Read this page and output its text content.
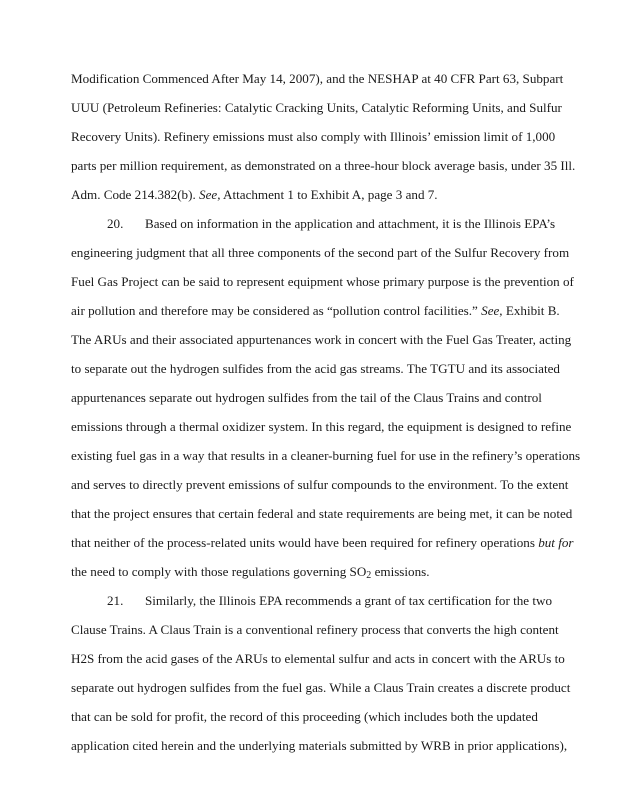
Modification Commenced After May 14, 2007), and the NESHAP at 40 CFR Part 63, Subpart
UUU (Petroleum Refineries: Catalytic Cracking Units, Catalytic Reforming Units, and Sulfur
Recovery Units). Refinery emissions must also comply with Illinois’ emission limit of 1,000
parts per million requirement, as demonstrated on a three-hour block average basis, under 35 Ill.
Adm. Code 214.382(b). See, Attachment 1 to Exhibit A, page 3 and 7.
20. Based on information in the application and attachment, it is the Illinois EPA’s
engineering judgment that all three components of the second part of the Sulfur Recovery from
Fuel Gas Project can be said to represent equipment whose primary purpose is the prevention of
air pollution and therefore may be considered as “pollution control facilities.” See, Exhibit B.
The ARUs and their associated appurtenances work in concert with the Fuel Gas Treater, acting
to separate out the hydrogen sulfides from the acid gas streams. The TGTU and its associated
appurtenances separate out hydrogen sulfides from the tail of the Claus Trains and control
emissions through a thermal oxidizer system. In this regard, the equipment is designed to refine
existing fuel gas in a way that results in a cleaner-burning fuel for use in the refinery’s operations
and serves to directly prevent emissions of sulfur compounds to the environment. To the extent
that the project ensures that certain federal and state requirements are being met, it can be noted
that neither of the process-related units would have been required for refinery operations but for
the need to comply with those regulations governing $SO_2$ emissions.
21. Similarly, the Illinois EPA recommends a grant of tax certification for the two
Clause Trains. A Claus Train is a conventional refinery process that converts the high content
H2S from the acid gases of the ARUs to elemental sulfur and acts in concert with the ARUs to
separate out hydrogen sulfides from the fuel gas. While a Claus Train creates a discrete product
that can be sold for profit, the record of this proceeding (which includes both the updated
application cited herein and the underlying materials submitted by WRB in prior applications),
